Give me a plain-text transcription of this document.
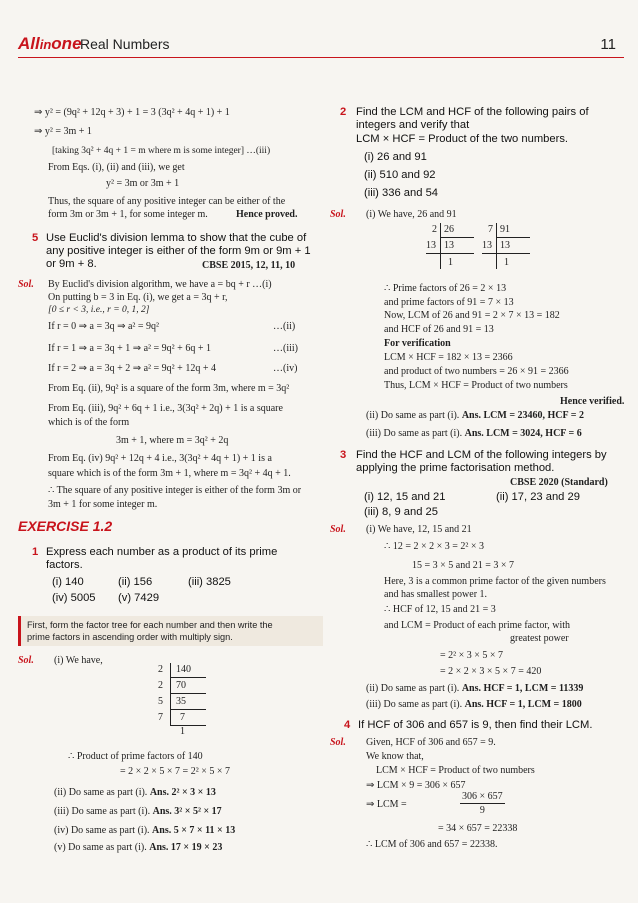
Allinone
Real Numbers	11
⇒ y² = (9q² + 12q + 3) + 1 = 3 (3q² + 4q + 1) + 1
⇒ y² = 3m + 1
[taking 3q² + 4q + 1 = m where m is some integer] …(iii)
From Eqs. (i), (ii) and (iii), we get
y² = 3m or 3m + 1
Thus, the square of any positive integer can be either of the
form 3m or 3m + 1, for some integer m.	Hence proved.
5 Use Euclid's division lemma to show that the cube of
any positive integer is either of the form 9m or 9m + 1
or 9m + 8.	CBSE 2015, 12, 11, 10
Sol. By Euclid's division algorithm, we have a = bq + r …(i)
On putting b = 3 in Eq. (i), we get a = 3q + r,
[0 ≤ r < 3, i.e., r = 0, 1, 2]
If r = 0 ⇒ a = 3q ⇒ a² = 9q²	…(ii)
If r = 1 ⇒ a = 3q + 1 ⇒ a² = 9q² + 6q + 1	…(iii)
If r = 2 ⇒ a = 3q + 2 ⇒ a² = 9q² + 12q + 4	…(iv)
From Eq. (ii), 9q² is a square of the form 3m, where m = 3q²
From Eq. (iii), 9q² + 6q + 1 i.e., 3(3q² + 2q) + 1 is a square
which is of the form
3m + 1, where m = 3q² + 2q
From Eq. (iv) 9q² + 12q + 4 i.e., 3(3q² + 4q + 1) + 1 is a
square which is of the form 3m + 1, where m = 3q² + 4q + 1.
∴ The square of any positive integer is either of the form 3m or
3m + 1 for some integer m.
EXERCISE 1.2
1 Express each number as a product of its prime
factors.
(i) 140	(ii) 156	(iii) 3825
(iv) 5005 (v) 7429
First, form the factor tree for each number and then write the
prime factors in ascending order with multiply sign.
Sol. (i) We have,
2 140
2 70
5 35
7 7
1
∴ Product of prime factors of 140
= 2 × 2 × 5 × 7 = 2² × 5 × 7
(ii) Do same as part (i). Ans. 2² × 3 × 13
(iii) Do same as part (i). Ans. 3² × 5² × 17
(iv) Do same as part (i). Ans. 5 × 7 × 11 × 13
(v) Do same as part (i). Ans. 17 × 19 × 23
2 Find the LCM and HCF of the following pairs of
integers and verify that
LCM × HCF = Product of the two numbers.
(i) 26 and 91
(ii) 510 and 92
(iii) 336 and 54
Sol. (i) We have, 26 and 91
2 26
13 13
1
7 91
13 13
1
∴ Prime factors of 26 = 2 × 13
and prime factors of 91 = 7 × 13
Now, LCM of 26 and 91 = 2 × 7 × 13 = 182
and HCF of 26 and 91 = 13
For verification
LCM × HCF = 182 × 13 = 2366
and product of two numbers = 26 × 91 = 2366
Thus, LCM × HCF = Product of two numbers
Hence verified.
(ii) Do same as part (i). Ans. LCM = 23460, HCF = 2
(iii) Do same as part (i). Ans. LCM = 3024, HCF = 6
3 Find the HCF and LCM of the following integers by
applying the prime factorisation method.
CBSE 2020 (Standard)
(i) 12, 15 and 21	(ii) 17, 23 and 29
(iii) 8, 9 and 25
Sol. (i) We have, 12, 15 and 21
∴ 12 = 2 × 2 × 3 = 2² × 3
15 = 3 × 5 and 21 = 3 × 7
Here, 3 is a common prime factor of the given numbers
and has smallest power 1.
∴ HCF of 12, 15 and 21 = 3
and LCM = Product of each prime factor, with
greatest power
= 2² × 3 × 5 × 7
= 2 × 2 × 3 × 5 × 7 = 420
(ii) Do same as part (i). Ans. HCF = 1, LCM = 11339
(iii) Do same as part (i). Ans. HCF = 1, LCM = 1800
4 If HCF of 306 and 657 is 9, then find their LCM.
Sol. Given, HCF of 306 and 657 = 9.
We know that,
LCM × HCF = Product of two numbers
⇒ LCM × 9 = 306 × 657
⇒ LCM =	$\frac{306 \times 657}{9}$
= 34 × 657 = 22338
∴ LCM of 306 and 657 = 22338.
